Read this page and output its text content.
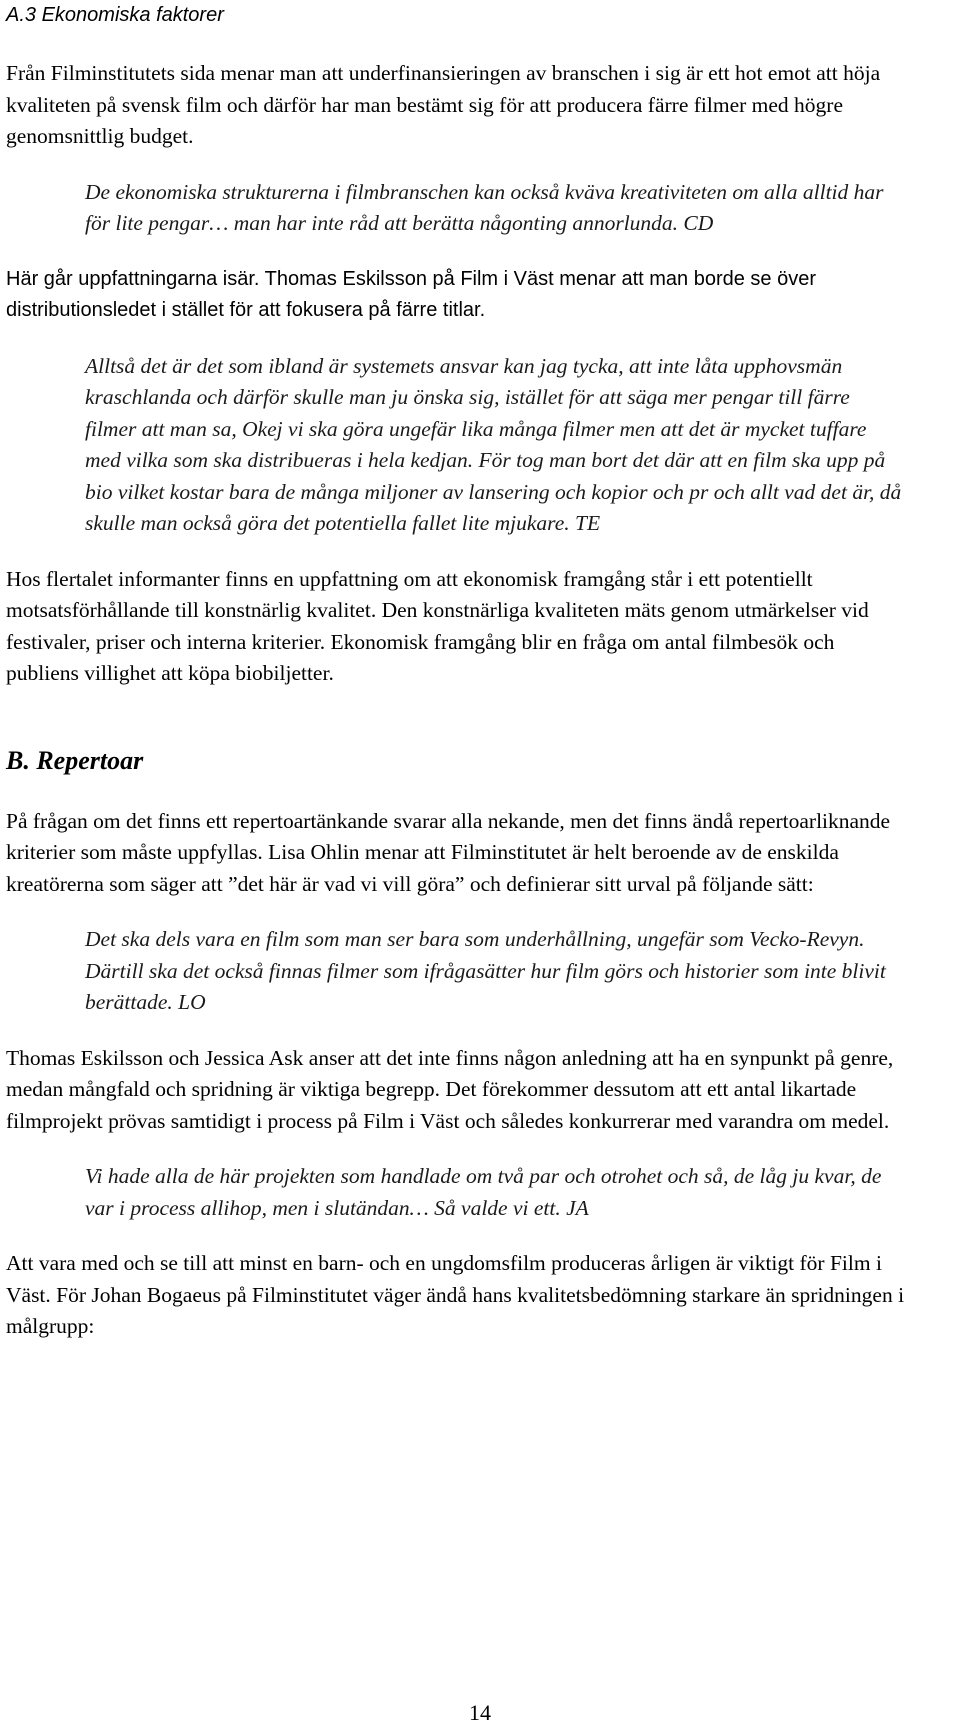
A.3 Ekonomiska faktorer

Från Filminstitutets sida menar man att underfinansieringen av branschen i sig är ett hot emot att höja kvaliteten på svensk film och därför har man bestämt sig för att producera färre filmer med högre genomsnittlig budget.

De ekonomiska strukturerna i filmbranschen kan också kväva kreativiteten om alla alltid har för lite pengar… man har inte råd att berätta någonting annorlunda. CD

Här går uppfattningarna isär. Thomas Eskilsson på Film i Väst menar att man borde se över distributionsledet i stället för att fokusera på färre titlar.

Alltså det är det som ibland är systemets ansvar kan jag tycka, att inte låta upphovsmän kraschlanda och därför skulle man ju önska sig, istället för att säga mer pengar till färre filmer att man sa, Okej vi ska göra ungefär lika många filmer men att det är mycket tuffare med vilka som ska distribueras i hela kedjan. För tog man bort det där att en film ska upp på bio vilket kostar bara de många miljoner av lansering och kopior och pr och allt vad det är, då skulle man också göra det potentiella fallet lite mjukare. TE

Hos flertalet informanter finns en uppfattning om att ekonomisk framgång står i ett potentiellt motsatsförhållande till konstnärlig kvalitet. Den konstnärliga kvaliteten mäts genom utmärkelser vid festivaler, priser och interna kriterier. Ekonomisk framgång blir en fråga om antal filmbesök och publiens villighet att köpa biobiljetter.

B. Repertoar

På frågan om det finns ett repertoartänkande svarar alla nekande, men det finns ändå repertoarliknande kriterier som måste uppfyllas. Lisa Ohlin menar att Filminstitutet är helt beroende av de enskilda kreatörerna som säger att ”det här är vad vi vill göra” och definierar sitt urval på följande sätt:

Det ska dels vara en film som man ser bara som underhållning, ungefär som Vecko-Revyn. Därtill ska det också finnas filmer som ifrågasätter hur film görs och historier som inte blivit berättade. LO

Thomas Eskilsson och Jessica Ask anser att det inte finns någon anledning att ha en synpunkt på genre, medan mångfald och spridning är viktiga begrepp. Det förekommer dessutom att ett antal likartade filmprojekt prövas samtidigt i process på Film i Väst och således konkurrerar med varandra om medel.

Vi hade alla de här projekten som handlade om två par och otrohet och så, de låg ju kvar, de var i process allihop, men i slutändan… Så valde vi ett. JA

Att vara med och se till att minst en barn- och en ungdomsfilm produceras årligen är viktigt för Film i Väst. För Johan Bogaeus på Filminstitutet väger ändå hans kvalitetsbedömning starkare än spridningen i målgrupp:

14
